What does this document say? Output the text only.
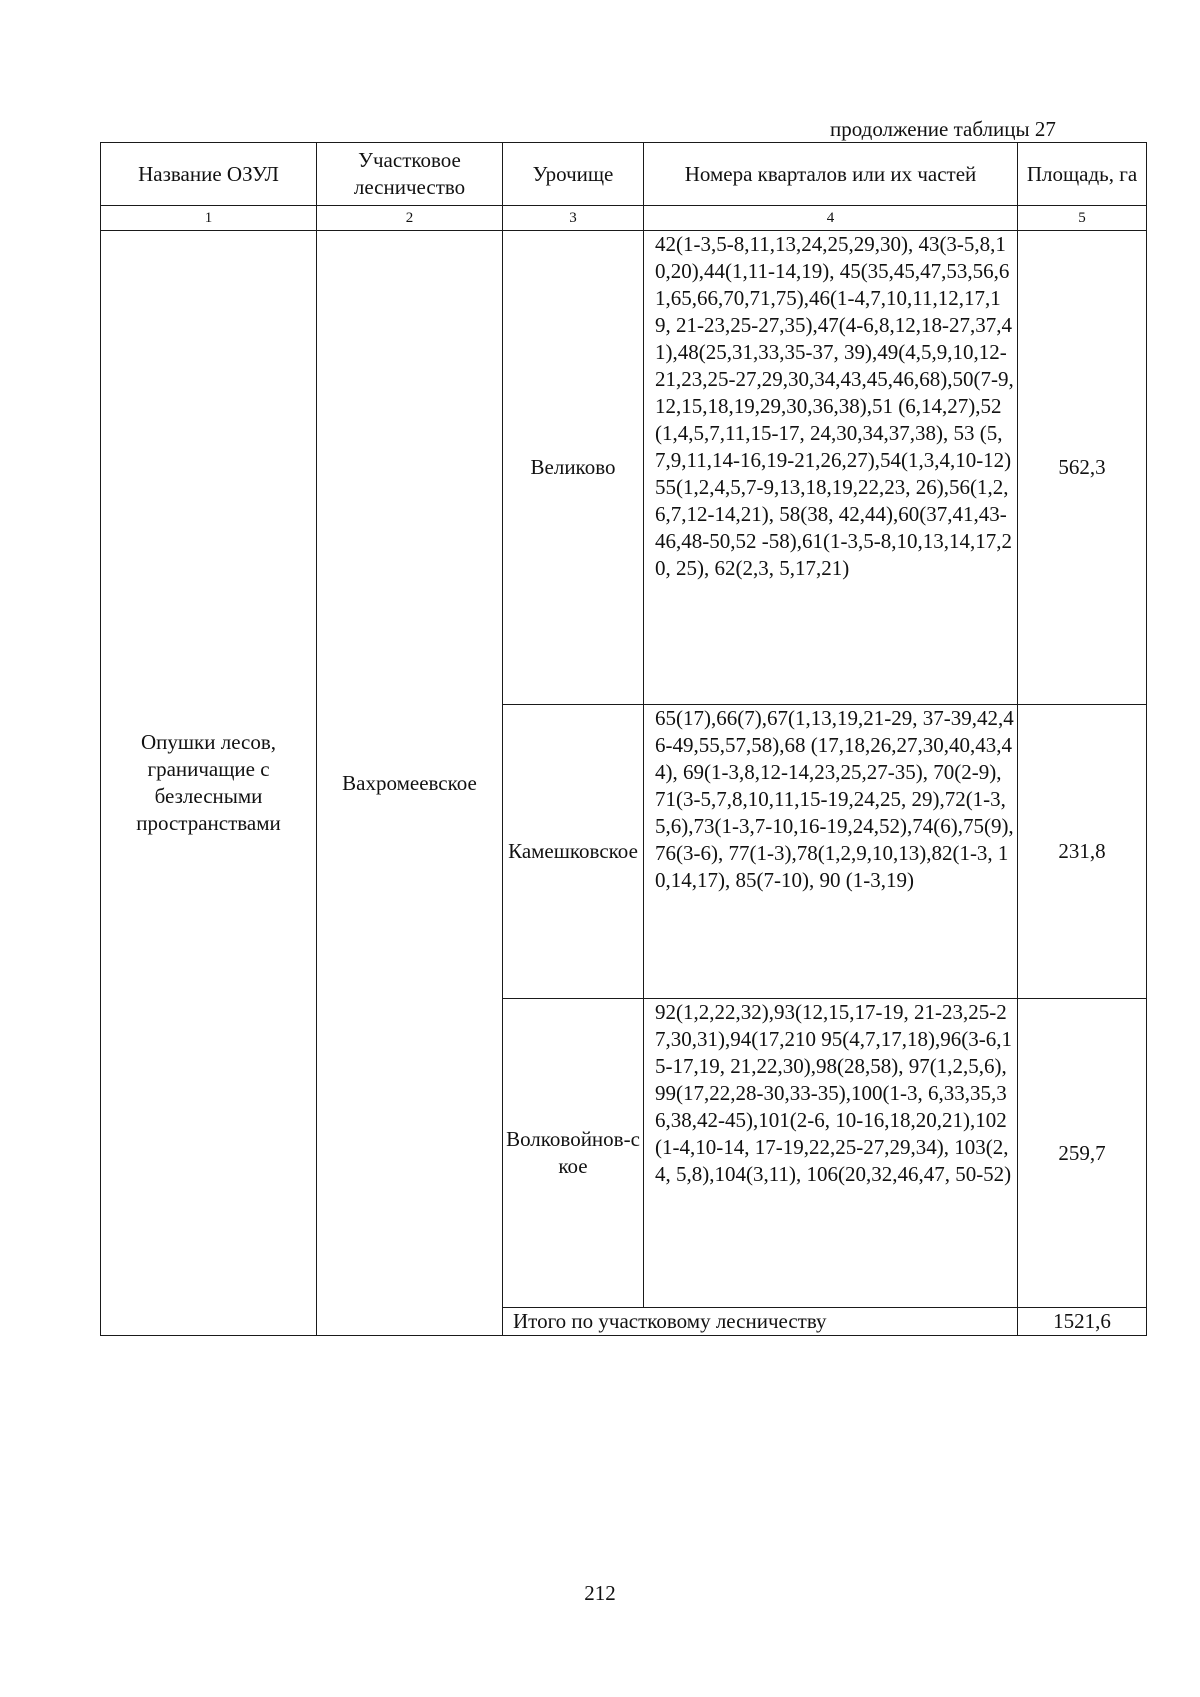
продолжение таблицы 27
Название ОЗУЛ	Участковое лесничество	Урочище	Номера кварталов или их частей	Площадь, га
1	2	3	4	5

Опушки лесов, граничащие с безлесными пространствами	Вахромеевское	Великово	42(1-3,5-8,11,13,24,25,29,30), 43(3-5,8,10,20),44(1,11-14,19), 45(35,45,47,53,56,61,65,66,70,71,75),46(1-4,7,10,11,12,17,19, 21-23,25-27,35),47(4-6,8,12,18-27,37,41),48(25,31,33,35-37, 39),49(4,5,9,10,12-21,23,25-27,29,30,34,43,45,46,68),50(7-9,12,15,18,19,29,30,36,38),51 (6,14,27),52(1,4,5,7,11,15-17, 24,30,34,37,38), 53 (5,7,9,11,14-16,19-21,26,27),54(1,3,4,10-12) 55(1,2,4,5,7-9,13,18,19,22,23, 26),56(1,2,6,7,12-14,21), 58(38, 42,44),60(37,41,43-46,48-50,52 -58),61(1-3,5-8,10,13,14,17,20, 25), 62(2,3, 5,17,21)	562,3
		Камешковское	65(17),66(7),67(1,13,19,21-29, 37-39,42,46-49,55,57,58),68 (17,18,26,27,30,40,43,44), 69(1-3,8,12-14,23,25,27-35), 70(2-9), 71(3-5,7,8,10,11,15-19,24,25, 29),72(1-3,5,6),73(1-3,7-10,16-19,24,52),74(6),75(9),76(3-6), 77(1-3),78(1,2,9,10,13),82(1-3, 10,14,17), 85(7-10), 90 (1-3,19)	231,8
		Волковойнов-ское	92(1,2,22,32),93(12,15,17-19, 21-23,25-27,30,31),94(17,210 95(4,7,17,18),96(3-6,15-17,19, 21,22,30),98(28,58), 97(1,2,5,6), 99(17,22,28-30,33-35),100(1-3, 6,33,35,36,38,42-45),101(2-6, 10-16,18,20,21),102(1-4,10-14, 17-19,22,25-27,29,34), 103(2,4, 5,8),104(3,11), 106(20,32,46,47, 50-52)	259,7
		Итого по участковому лесничеству		1521,6
212
